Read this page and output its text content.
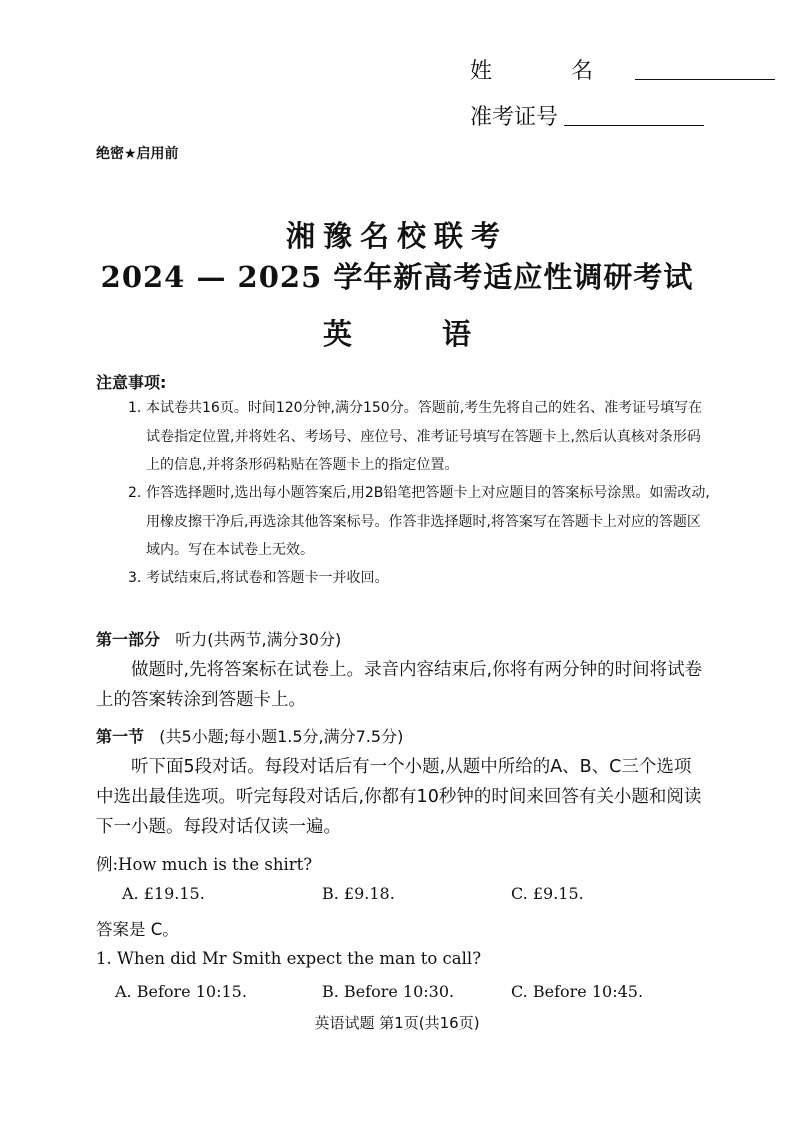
姓 名
准考证号
绝密★启用前
湘豫名校联考
2024 — 2025 学年新高考适应性调研考试
英 语
注意事项:
1. 本试卷共16页。时间120分钟,满分150分。答题前,考生先将自己的姓名、准考证号填写在试卷指定位置,并将姓名、考场号、座位号、准考证号填写在答题卡上,然后认真核对条形码上的信息,并将条形码粘贴在答题卡上的指定位置。
2. 作答选择题时,选出每小题答案后,用2B铅笔把答题卡上对应题目的答案标号涂黑。如需改动,用橡皮擦干净后,再选涂其他答案标号。作答非选择题时,将答案写在答题卡上对应的答题区域内。写在本试卷上无效。
3. 考试结束后,将试卷和答题卡一并收回。
第一部分 听力(共两节,满分30分)
做题时,先将答案标在试卷上。录音内容结束后,你将有两分钟的时间将试卷上的答案转涂到答题卡上。
第一节 (共5小题;每小题1.5分,满分7.5分)
听下面5段对话。每段对话后有一个小题,从题中所给的A、B、C三个选项中选出最佳选项。听完每段对话后,你都有10秒钟的时间来回答有关小题和阅读下一小题。每段对话仅读一遍。
例:How much is the shirt?
A. £19.15.	B. £9.18.	C. £9.15.
答案是 C。
1. When did Mr Smith expect the man to call?
A. Before 10:15.	B. Before 10:30.	C. Before 10:45.
英语试题 第1页(共16页)
